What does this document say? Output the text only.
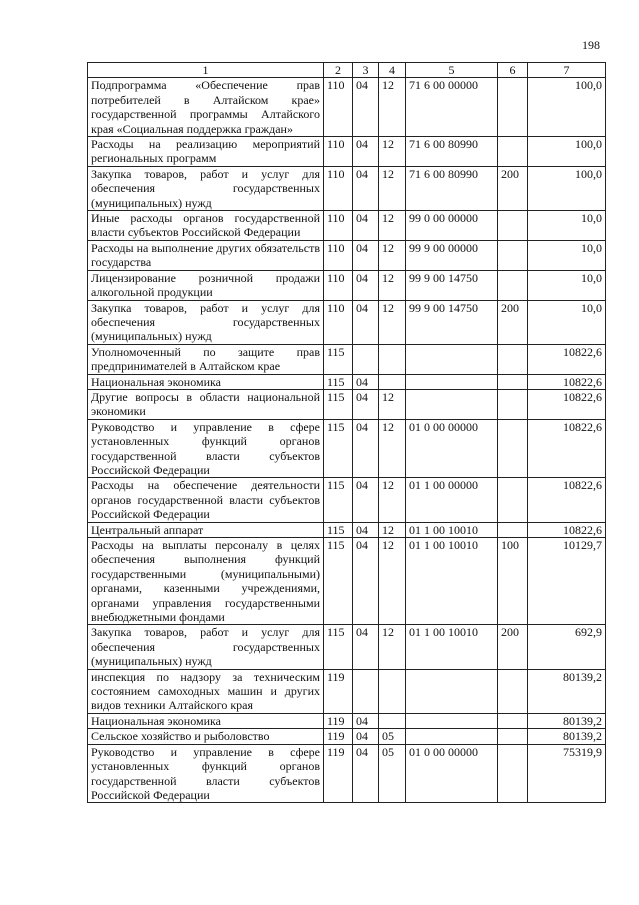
198
1	2	3	4	5	6	7
Подпрограмма «Обеспечение прав потребителей в Алтайском крае» государственной программы Алтайского края «Социальная поддержка граждан»	110	04	12	71 6 00 00000		100,0
Расходы на реализацию мероприятий региональных программ	110	04	12	71 6 00 80990		100,0
Закупка товаров, работ и услуг для обеспечения государственных (муниципальных) нужд	110	04	12	71 6 00 80990	200	100,0
Иные расходы органов государственной власти субъектов Российской Федерации	110	04	12	99 0 00 00000		10,0
Расходы на выполнение других обязательств государства	110	04	12	99 9 00 00000		10,0
Лицензирование розничной продажи алкогольной продукции	110	04	12	99 9 00 14750		10,0
Закупка товаров, работ и услуг для обеспечения государственных (муниципальных) нужд	110	04	12	99 9 00 14750	200	10,0
Уполномоченный по защите прав предпринимателей в Алтайском крае	115					10822,6
Национальная экономика	115	04				10822,6
Другие вопросы в области национальной экономики	115	04	12			10822,6
Руководство и управление в сфере установленных функций органов государственной власти субъектов Российской Федерации	115	04	12	01 0 00 00000		10822,6
Расходы на обеспечение деятельности органов государственной власти субъектов Российской Федерации	115	04	12	01 1 00 00000		10822,6
Центральный аппарат	115	04	12	01 1 00 10010		10822,6
Расходы на выплаты персоналу в целях обеспечения выполнения функций государственными (муниципальными) органами, казенными учреждениями, органами управления государственными внебюджетными фондами	115	04	12	01 1 00 10010	100	10129,7
Закупка товаров, работ и услуг для обеспечения государственных (муниципальных) нужд	115	04	12	01 1 00 10010	200	692,9
инспекция по надзору за техническим состоянием самоходных машин и других видов техники Алтайского края	119					80139,2
Национальная экономика	119	04				80139,2
Сельское хозяйство и рыболовство	119	04	05			80139,2
Руководство и управление в сфере установленных функций органов государственной власти субъектов Российской Федерации	119	04	05	01 0 00 00000		75319,9
